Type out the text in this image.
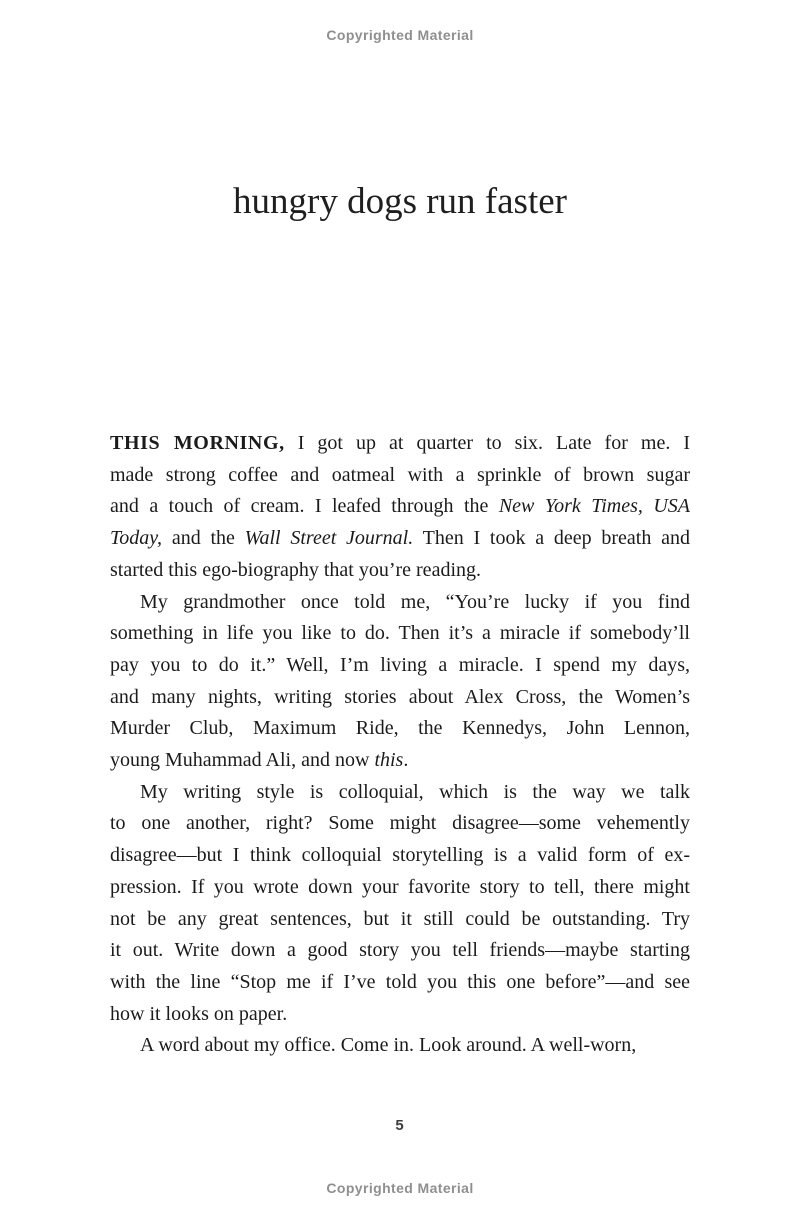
Copyrighted Material
hungry dogs run faster
THIS MORNING, I got up at quarter to six. Late for me. I
made strong coffee and oatmeal with a sprinkle of brown sugar
and a touch of cream. I leafed through the New York Times, USA
Today, and the Wall Street Journal. Then I took a deep breath and
started this ego-biography that you’re reading.
My grandmother once told me, “You’re lucky if you find
something in life you like to do. Then it’s a miracle if somebody’ll
pay you to do it.” Well, I’m living a miracle. I spend my days,
and many nights, writing stories about Alex Cross, the Women’s
Murder Club, Maximum Ride, the Kennedys, John Lennon,
young Muhammad Ali, and now this.
My writing style is colloquial, which is the way we talk
to one another, right? Some might disagree—some vehemently
disagree—but I think colloquial storytelling is a valid form of ex-
pression. If you wrote down your favorite story to tell, there might
not be any great sentences, but it still could be outstanding. Try
it out. Write down a good story you tell friends—maybe starting
with the line “Stop me if I’ve told you this one before”—and see
how it looks on paper.
A word about my office. Come in. Look around. A well-worn,
5
Copyrighted Material
